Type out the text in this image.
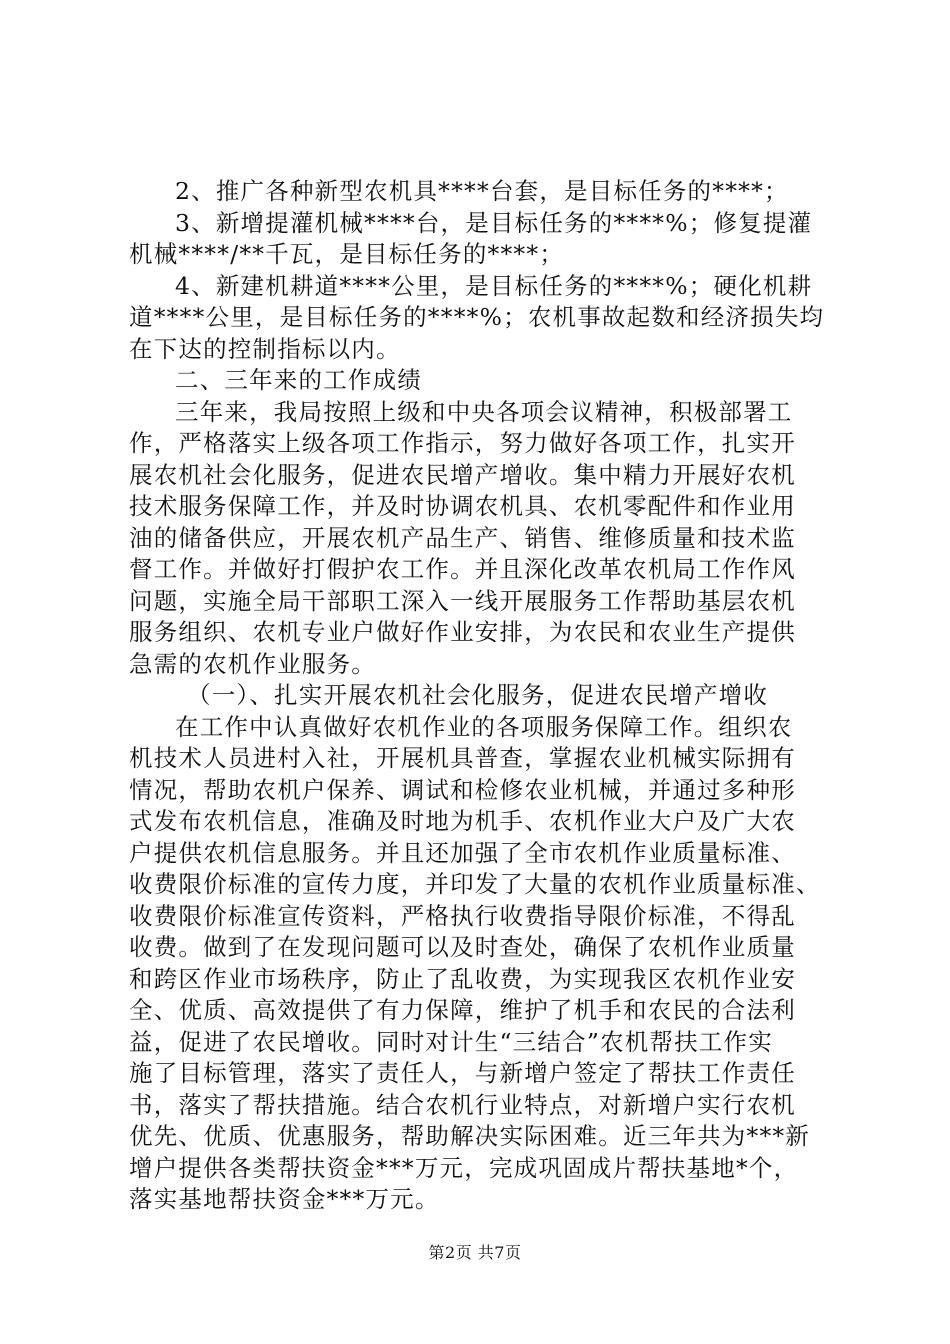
2、推广各种新型农机具****台套，是目标任务的****；
3、新增提灌机械****台，是目标任务的****%；修复提灌
机械****/**千瓦，是目标任务的****；
4、新建机耕道****公里，是目标任务的****%；硬化机耕
道****公里，是目标任务的****%；农机事故起数和经济损失均
在下达的控制指标以内。
二、三年来的工作成绩
三年来，我局按照上级和中央各项会议精神，积极部署工
作，严格落实上级各项工作指示，努力做好各项工作，扎实开
展农机社会化服务，促进农民增产增收。集中精力开展好农机
技术服务保障工作，并及时协调农机具、农机零配件和作业用
油的储备供应，开展农机产品生产、销售、维修质量和技术监
督工作。并做好打假护农工作。并且深化改革农机局工作作风
问题，实施全局干部职工深入一线开展服务工作帮助基层农机
服务组织、农机专业户做好作业安排，为农民和农业生产提供
急需的农机作业服务。
（一）、扎实开展农机社会化服务，促进农民增产增收
在工作中认真做好农机作业的各项服务保障工作。组织农
机技术人员进村入社，开展机具普查，掌握农业机械实际拥有
情况，帮助农机户保养、调试和检修农业机械，并通过多种形
式发布农机信息，准确及时地为机手、农机作业大户及广大农
户提供农机信息服务。并且还加强了全市农机作业质量标准、
收费限价标准的宣传力度，并印发了大量的农机作业质量标准、
收费限价标准宣传资料，严格执行收费指导限价标准，不得乱
收费。做到了在发现问题可以及时查处，确保了农机作业质量
和跨区作业市场秩序，防止了乱收费，为实现我区农机作业安
全、优质、高效提供了有力保障，维护了机手和农民的合法利
益，促进了农民增收。同时对计生“三结合”农机帮扶工作实
施了目标管理，落实了责任人，与新增户签定了帮扶工作责任
书，落实了帮扶措施。结合农机行业特点，对新增户实行农机
优先、优质、优惠服务，帮助解决实际困难。近三年共为***新
增户提供各类帮扶资金***万元，完成巩固成片帮扶基地*个，
落实基地帮扶资金***万元。
第2页 共7页
